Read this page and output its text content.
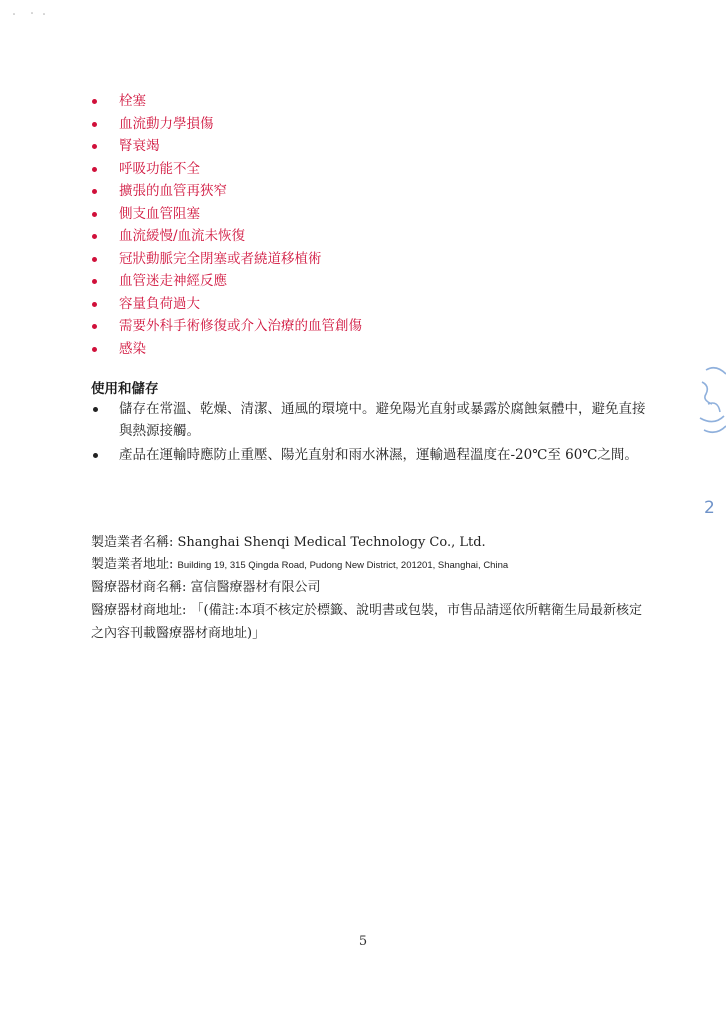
栓塞
血流動力學損傷
腎衰竭
呼吸功能不全
擴張的血管再狹窄
側支血管阻塞
血流緩慢/血流未恢復
冠狀動脈完全閉塞或者繞道移植術
血管迷走神經反應
容量負荷過大
需要外科手術修復或介入治療的血管創傷
感染
使用和儲存
儲存在常溫、乾燥、清潔、通風的環境中。避免陽光直射或暴露於腐蝕氣體中，避免直接與熱源接觸。
產品在運輸時應防止重壓、陽光直射和雨水淋濕，運輸過程溫度在-20℃至 60℃之間。
製造業者名稱: Shanghai Shenqi Medical Technology Co., Ltd.
製造業者地址: Building 19, 315 Qingda Road, Pudong New District, 201201, Shanghai, China
醫療器材商名稱: 富信醫療器材有限公司
醫療器材商地址: 「(備註:本項不核定於標籤、說明書或包裝，市售品請逕依所轄衛生局最新核定之內容刊載醫療器材商地址)」
2
5
